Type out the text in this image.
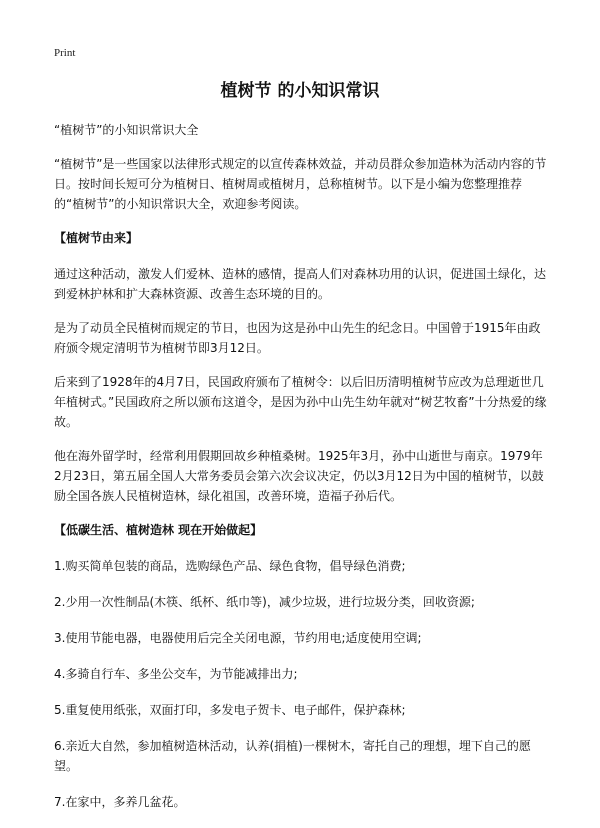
Print
植树节 的小知识常识

“植树节”的小知识常识大全

“植树节”是一些国家以法律形式规定的以宣传森林效益，并动员群众参加造林为活动内容的节日。按时间长短可分为植树日、植树周或植树月，总称植树节。以下是小编为您整理推荐的“植树节”的小知识常识大全，欢迎参考阅读。

【植树节由来】

通过这种活动，激发人们爱林、造林的感情，提高人们对森林功用的认识，促进国土绿化，达到爱林护林和扩大森林资源、改善生态环境的目的。

是为了动员全民植树而规定的节日，也因为这是孙中山先生的纪念日。中国曾于1915年由政府颁令规定清明节为植树节即3月12日。

后来到了1928年的4月7日，民国政府颁布了植树令：以后旧历清明植树节应改为总理逝世几年植树式。”民国政府之所以颁布这道令，是因为孙中山先生幼年就对“树艺牧畜”十分热爱的缘故。

他在海外留学时，经常利用假期回故乡种植桑树。1925年3月，孙中山逝世与南京。1979年2月23日，第五届全国人大常务委员会第六次会议决定，仍以3月12日为中国的植树节，以鼓励全国各族人民植树造林，绿化祖国，改善环境，造福子孙后代。

【低碳生活、植树造林 现在开始做起】

1.购买简单包装的商品，选购绿色产品、绿色食物，倡导绿色消费;

2.少用一次性制品(木筷、纸杯、纸巾等)，减少垃圾，进行垃圾分类，回收资源;

3.使用节能电器，电器使用后完全关闭电源，节约用电;适度使用空调;

4.多骑自行车、多坐公交车，为节能减排出力;

5.重复使用纸张，双面打印，多发电子贺卡、电子邮件，保护森林;

6.亲近大自然，参加植树造林活动，认养(捐植)一棵树木，寄托自己的理想，埋下自己的愿望。

7.在家中，多养几盆花。
